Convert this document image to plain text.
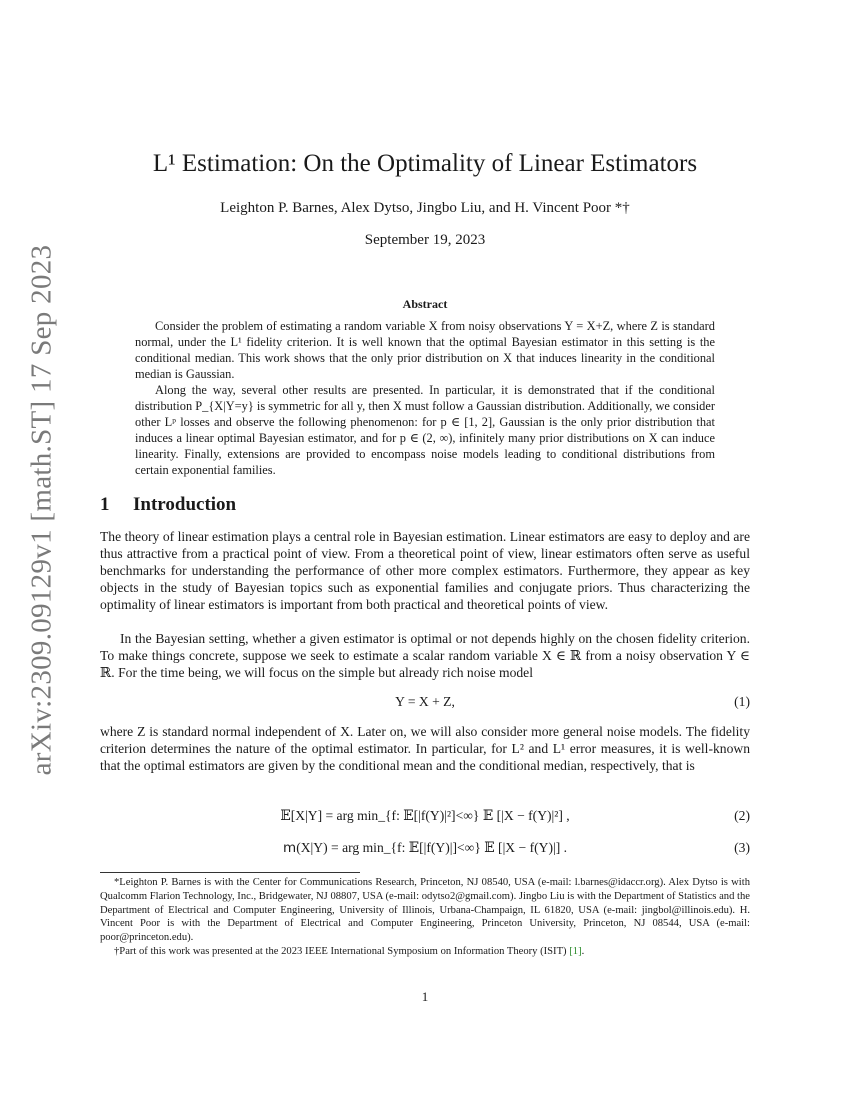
arXiv:2309.09129v1 [math.ST] 17 Sep 2023
L¹ Estimation: On the Optimality of Linear Estimators
Leighton P. Barnes, Alex Dytso, Jingbo Liu, and H. Vincent Poor *†
September 19, 2023
Abstract

Consider the problem of estimating a random variable X from noisy observations Y = X+Z, where Z is standard normal, under the L¹ fidelity criterion. It is well known that the optimal Bayesian estimator in this setting is the conditional median. This work shows that the only prior distribution on X that induces linearity in the conditional median is Gaussian.

Along the way, several other results are presented. In particular, it is demonstrated that if the conditional distribution P_{X|Y=y} is symmetric for all y, then X must follow a Gaussian distribution. Additionally, we consider other Lᵖ losses and observe the following phenomenon: for p ∈ [1, 2], Gaussian is the only prior distribution that induces a linear optimal Bayesian estimator, and for p ∈ (2, ∞), infinitely many prior distributions on X can induce linearity. Finally, extensions are provided to encompass noise models leading to conditional distributions from certain exponential families.

1 Introduction

The theory of linear estimation plays a central role in Bayesian estimation. Linear estimators are easy to deploy and are thus attractive from a practical point of view. From a theoretical point of view, linear estimators often serve as useful benchmarks for understanding the performance of other more complex estimators. Furthermore, they appear as key objects in the study of Bayesian topics such as exponential families and conjugate priors. Thus characterizing the optimality of linear estimators is important from both practical and theoretical points of view.

In the Bayesian setting, whether a given estimator is optimal or not depends highly on the chosen fidelity criterion. To make things concrete, suppose we seek to estimate a scalar random variable X ∈ ℝ from a noisy observation Y ∈ ℝ. For the time being, we will focus on the simple but already rich noise model

Y = X + Z,	(1)

where Z is standard normal independent of X. Later on, we will also consider more general noise models. The fidelity criterion determines the nature of the optimal estimator. In particular, for L² and L¹ error measures, it is well-known that the optimal estimators are given by the conditional mean and the conditional median, respectively, that is

𝔼[X|Y] = arg min_{f: 𝔼[|f(Y)|²]<∞} 𝔼 [|X − f(Y)|²] ,	(2)
𝗆(X|Y) = arg min_{f: 𝔼[|f(Y)|]<∞} 𝔼 [|X − f(Y)|] .	(3)

*Leighton P. Barnes is with the Center for Communications Research, Princeton, NJ 08540, USA (e-mail: l.barnes@idaccr.org). Alex Dytso is with Qualcomm Flarion Technology, Inc., Bridgewater, NJ 08807, USA (e-mail: odytso2@gmail.com). Jingbo Liu is with the Department of Statistics and the Department of Electrical and Computer Engineering, University of Illinois, Urbana-Champaign, IL 61820, USA (e-mail: jingbol@illinois.edu). H. Vincent Poor is with the Department of Electrical and Computer Engineering, Princeton University, Princeton, NJ 08544, USA (e-mail: poor@princeton.edu).

†Part of this work was presented at the 2023 IEEE International Symposium on Information Theory (ISIT) [1].

1
